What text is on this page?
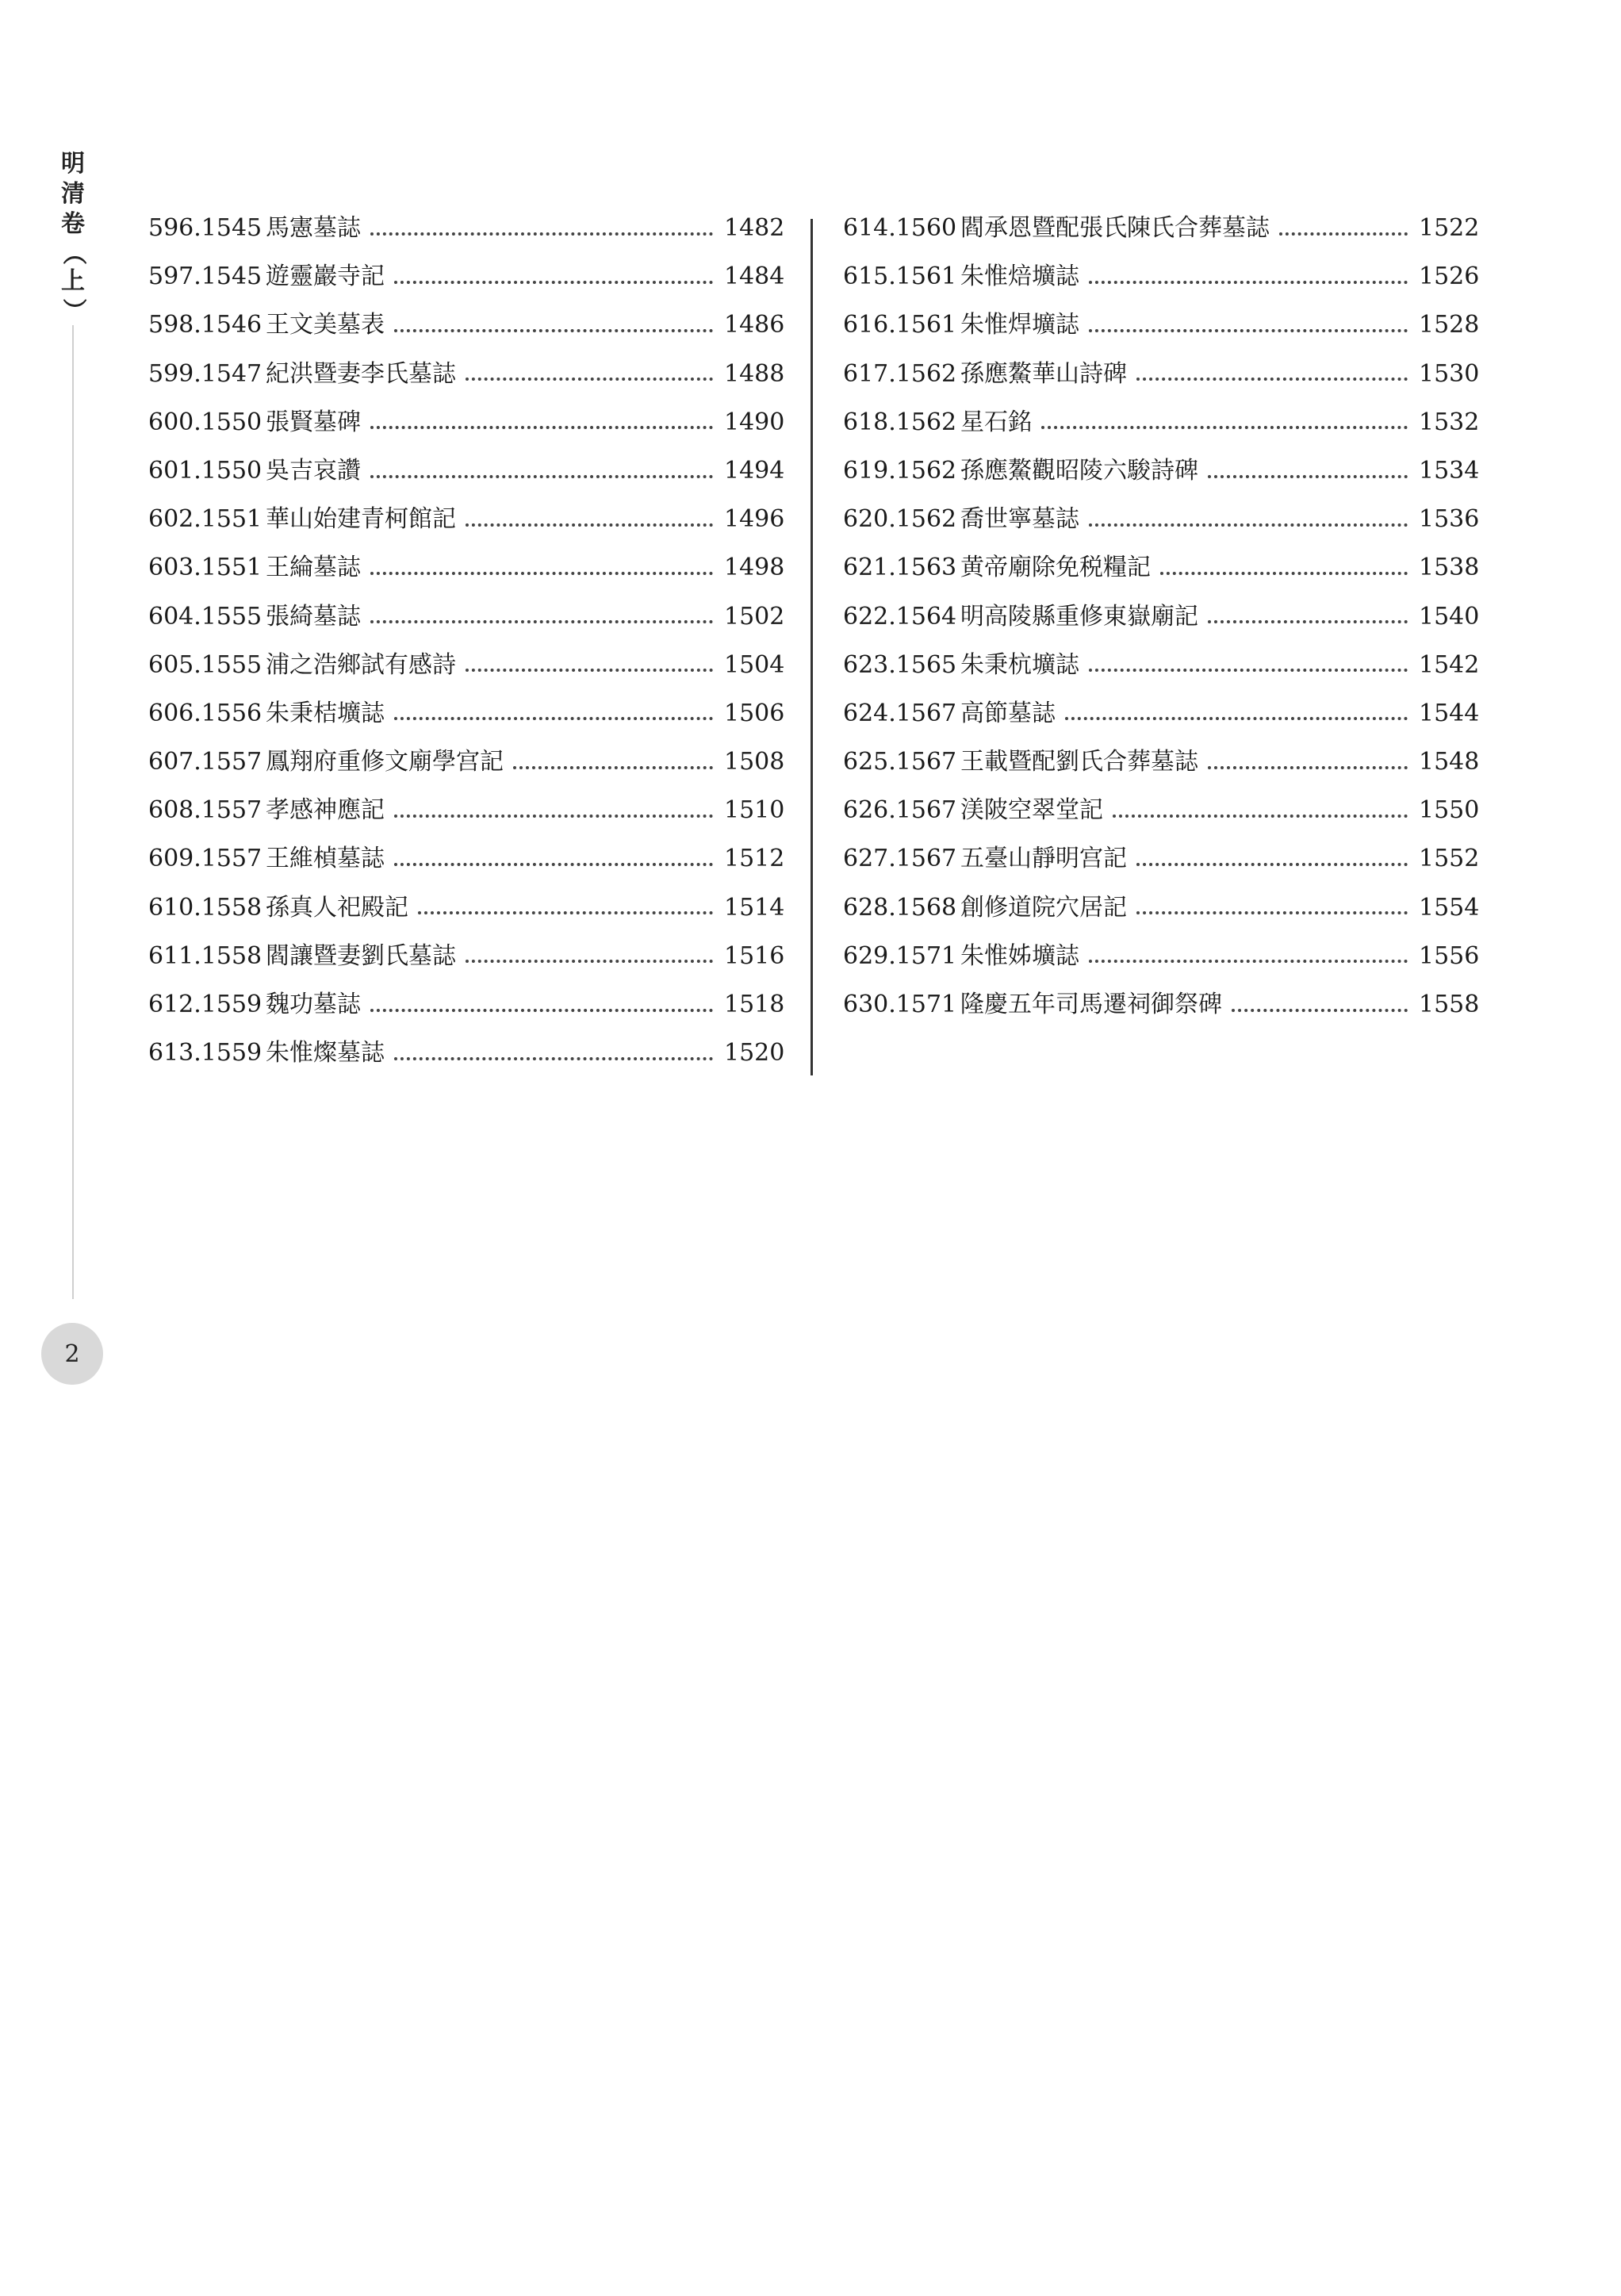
明
清
卷
（
上
）
2
596.1545 馬憲墓誌	1482
597.1545 遊靈巖寺記	1484
598.1546 王文美墓表	1486
599.1547 紀洪暨妻李氏墓誌	1488
600.1550 張賢墓碑	1490
601.1550 吳吉哀讚	1494
602.1551 華山始建青柯館記	1496
603.1551 王綸墓誌	1498
604.1555 張綺墓誌	1502
605.1555 浦之浩鄉試有感詩	1504
606.1556 朱秉桔壙誌	1506
607.1557 鳳翔府重修文廟學宫記	1508
608.1557 孝感神應記	1510
609.1557 王維楨墓誌	1512
610.1558 孫真人祀殿記	1514
611.1558 閻讓暨妻劉氏墓誌	1516
612.1559 魏功墓誌	1518
613.1559 朱惟燦墓誌	1520
614.1560 閻承恩暨配張氏陳氏合葬墓誌	1522
615.1561 朱惟焙壙誌	1526
616.1561 朱惟焊壙誌	1528
617.1562 孫應鰲華山詩碑	1530
618.1562 星石銘	1532
619.1562 孫應鰲觀昭陵六駿詩碑	1534
620.1562 喬世寧墓誌	1536
621.1563 黄帝廟除免税糧記	1538
622.1564 明高陵縣重修東嶽廟記	1540
623.1565 朱秉杭壙誌	1542
624.1567 高節墓誌	1544
625.1567 王載暨配劉氏合葬墓誌	1548
626.1567 渼陂空翠堂記	1550
627.1567 五臺山靜明宫記	1552
628.1568 創修道院穴居記	1554
629.1571 朱惟姊壙誌	1556
630.1571 隆慶五年司馬遷祠御祭碑	1558
